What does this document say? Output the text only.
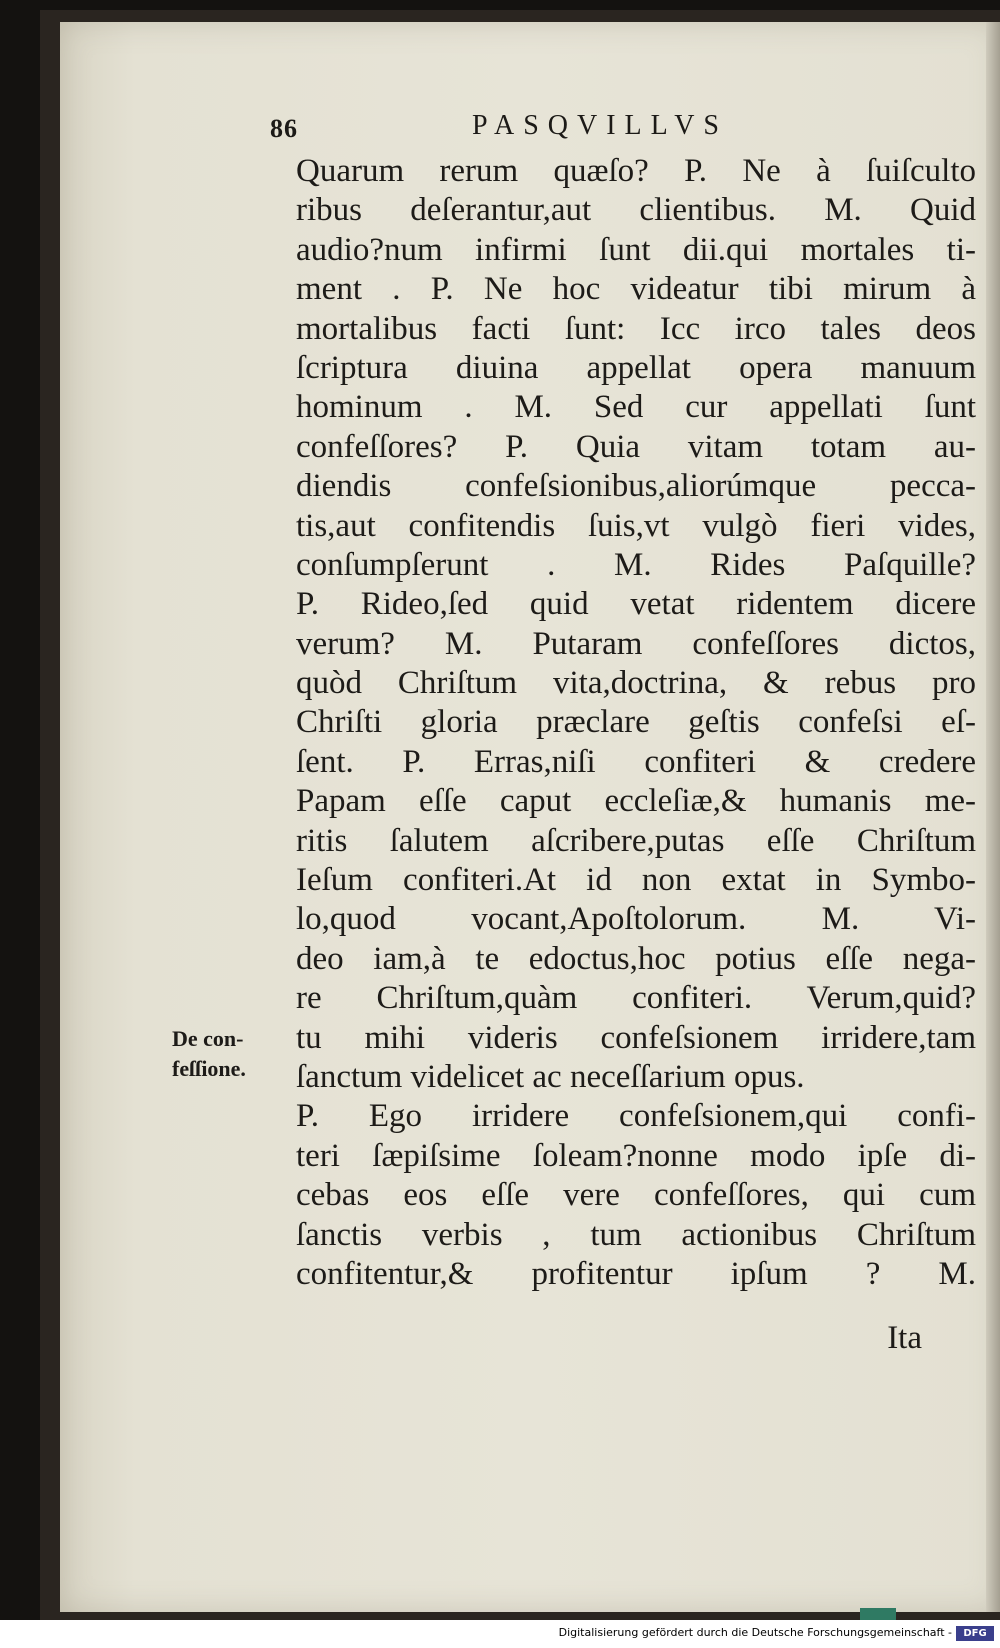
86	PASQVILLVS
De con-
feſſione.
Quarum rerum quæſo? P. Ne à ſuiſculto
ribus deſerantur,aut clientibus. M. Quid
audio?num infirmi ſunt dii.qui mortales ti-
ment . P. Ne hoc videatur tibi mirum à
mortalibus facti ſunt: Icc irco tales deos
ſcriptura diuina appellat opera manuum
hominum . M. Sed cur appellati ſunt
confeſſores? P. Quia vitam totam au-
diendis confeſsionibus,aliorúmque pecca-
tis,aut confitendis ſuis,vt vulgò fieri vides,
conſumpſerunt . M. Rides Paſquille?
P. Rideo,ſed quid vetat ridentem dicere
verum? M. Putaram confeſſores dictos,
quòd Chriſtum vita,doctrina, & rebus pro
Chriſti gloria præclare geſtis confeſsi eſ-
ſent. P. Erras,niſi confiteri & credere
Papam eſſe caput eccleſiæ,& humanis me-
ritis ſalutem aſcribere,putas eſſe Chriſtum
Ieſum confiteri.At id non extat in Symbo-
lo,quod vocant,Apoſtolorum. M. Vi-
deo iam,à te edoctus,hoc potius eſſe nega-
re Chriſtum,quàm confiteri. Verum,quid?
tu mihi videris confeſsionem irridere,tam
ſanctum videlicet ac neceſſarium opus.
P. Ego irridere confeſsionem,qui confi-
teri ſæpiſsime ſoleam?nonne modo ipſe di-
cebas eos eſſe vere confeſſores, qui cum
ſanctis verbis , tum actionibus Chriſtum
confitentur,& profitentur ipſum ? M.
Ita
Digitalisierung gefördert durch die Deutsche Forschungsgemeinschaft -	DFG
